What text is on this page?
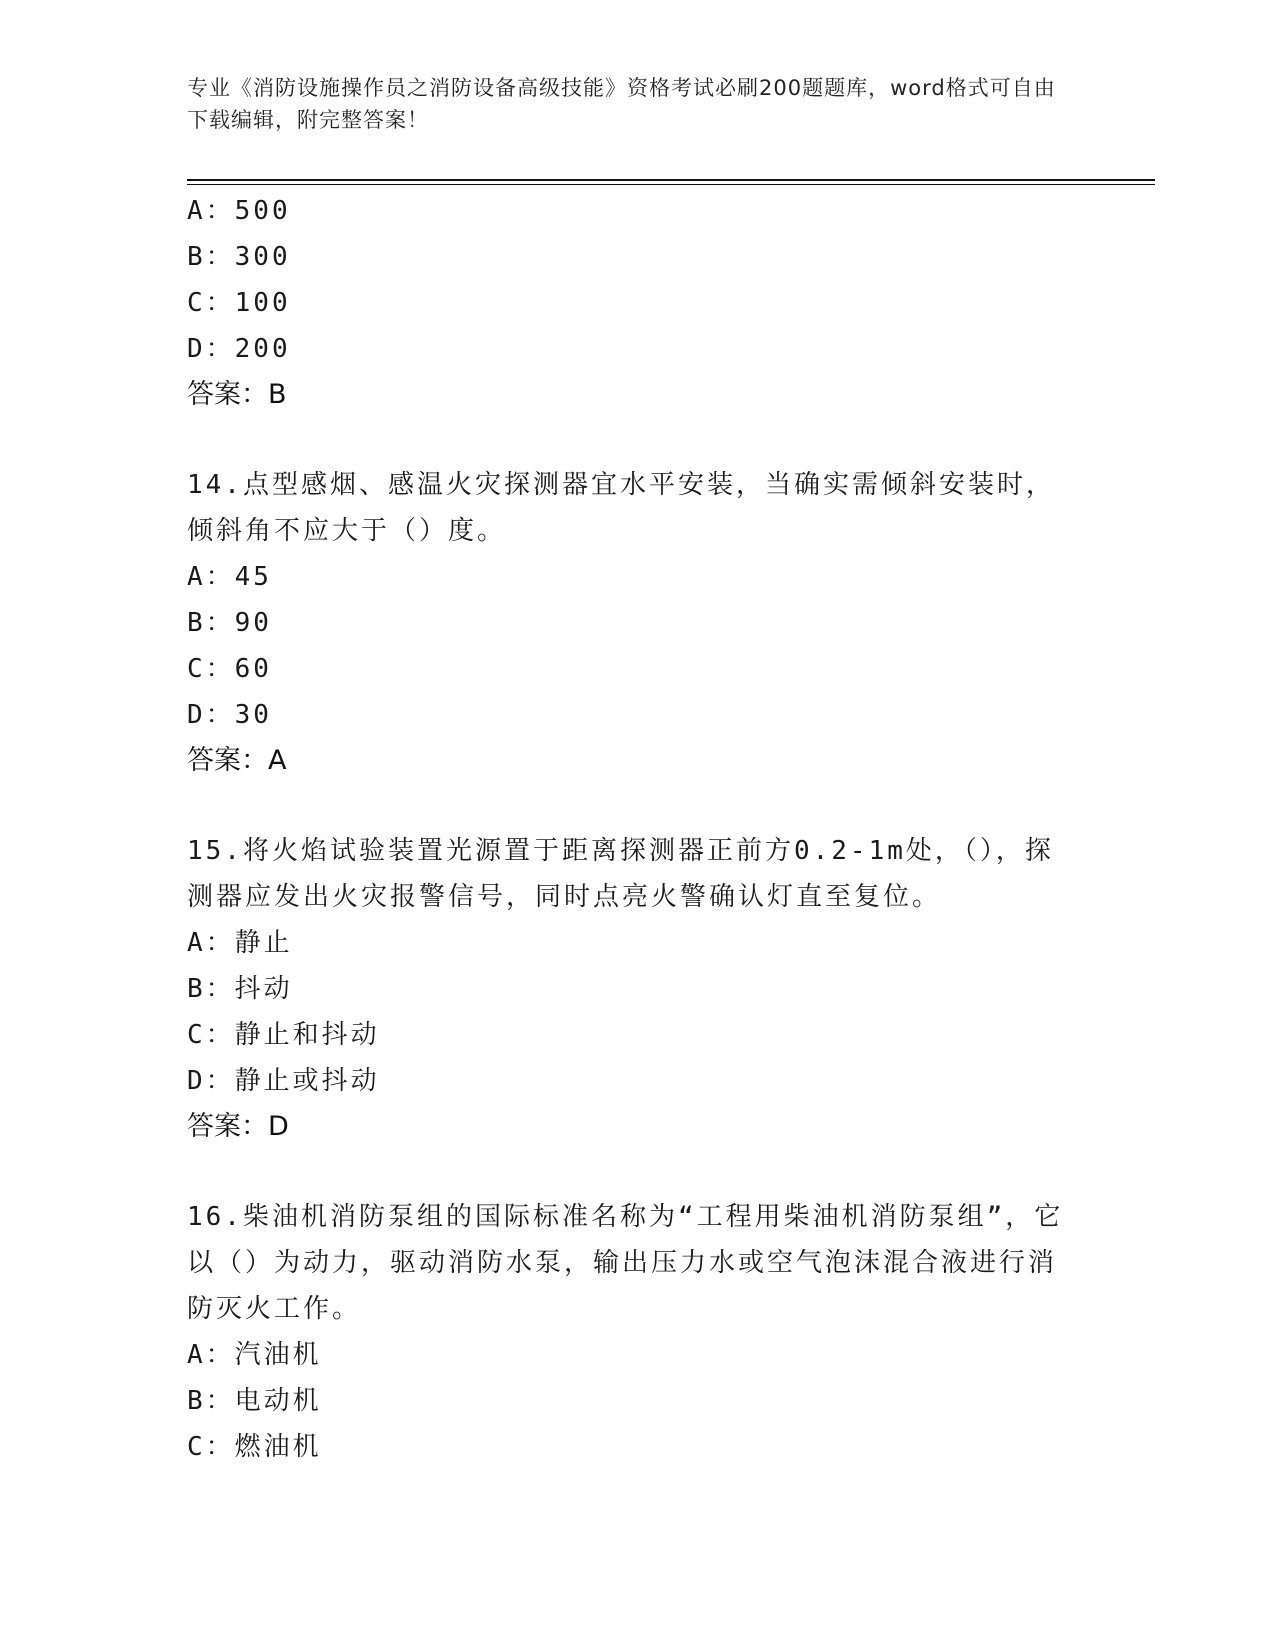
专业《消防设施操作员之消防设备高级技能》资格考试必刷200题题库，word格式可自由下载编辑，附完整答案！
A：500
B：300
C：100
D：200
答案：B
14.点型感烟、感温火灾探测器宜水平安装，当确实需倾斜安装时，倾斜角不应大于（）度。
A：45
B：90
C：60
D：30
答案：A
15.将火焰试验装置光源置于距离探测器正前方0.2-1m处，（），探测器应发出火灾报警信号，同时点亮火警确认灯直至复位。
A：静止
B：抖动
C：静止和抖动
D：静止或抖动
答案：D
16.柴油机消防泵组的国际标准名称为“工程用柴油机消防泵组”，它以（）为动力，驱动消防水泵，输出压力水或空气泡沫混合液进行消防灭火工作。
A：汽油机
B：电动机
C：燃油机
